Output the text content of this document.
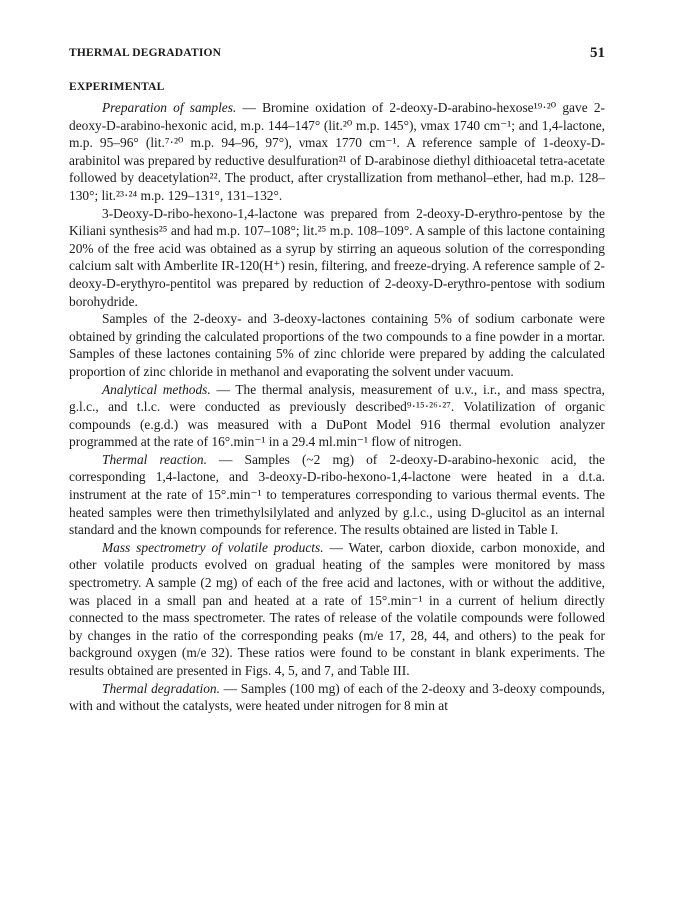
THERMAL DEGRADATION	51
EXPERIMENTAL

Preparation of samples. — Bromine oxidation of 2-deoxy-D-arabino-hexose¹⁹·²⁰ gave 2-deoxy-D-arabino-hexonic acid, m.p. 144–147° (lit.²⁰ m.p. 145°), νmax 1740 cm⁻¹; and 1,4-lactone, m.p. 95–96° (lit.⁷·²⁰ m.p. 94–96, 97°), νmax 1770 cm⁻¹. A reference sample of 1-deoxy-D-arabinitol was prepared by reductive desulfuration²¹ of D-arabinose diethyl dithioacetal tetra-acetate followed by deacetylation²². The product, after crystallization from methanol–ether, had m.p. 128–130°; lit.²³·²⁴ m.p. 129–131°, 131–132°.

3-Deoxy-D-ribo-hexono-1,4-lactone was prepared from 2-deoxy-D-erythro-pentose by the Kiliani synthesis²⁵ and had m.p. 107–108°; lit.²⁵ m.p. 108–109°. A sample of this lactone containing 20% of the free acid was obtained as a syrup by stirring an aqueous solution of the corresponding calcium salt with Amberlite IR-120(H⁺) resin, filtering, and freeze-drying. A reference sample of 2-deoxy-D-erythyro-pentitol was prepared by reduction of 2-deoxy-D-erythro-pentose with sodium borohydride.

Samples of the 2-deoxy- and 3-deoxy-lactones containing 5% of sodium carbonate were obtained by grinding the calculated proportions of the two compounds to a fine powder in a mortar. Samples of these lactones containing 5% of zinc chloride were prepared by adding the calculated proportion of zinc chloride in methanol and evaporating the solvent under vacuum.

Analytical methods. — The thermal analysis, measurement of u.v., i.r., and mass spectra, g.l.c., and t.l.c. were conducted as previously described⁹·¹⁵·²⁶·²⁷. Volatilization of organic compounds (e.g.d.) was measured with a DuPont Model 916 thermal evolution analyzer programmed at the rate of 16°.min⁻¹ in a 29.4 ml.min⁻¹ flow of nitrogen.

Thermal reaction. — Samples (~2 mg) of 2-deoxy-D-arabino-hexonic acid, the corresponding 1,4-lactone, and 3-deoxy-D-ribo-hexono-1,4-lactone were heated in a d.t.a. instrument at the rate of 15°.min⁻¹ to temperatures corresponding to various thermal events. The heated samples were then trimethylsilylated and anlyzed by g.l.c., using D-glucitol as an internal standard and the known compounds for reference. The results obtained are listed in Table I.

Mass spectrometry of volatile products. — Water, carbon dioxide, carbon monoxide, and other volatile products evolved on gradual heating of the samples were monitored by mass spectrometry. A sample (2 mg) of each of the free acid and lactones, with or without the additive, was placed in a small pan and heated at a rate of 15°.min⁻¹ in a current of helium directly connected to the mass spectrometer. The rates of release of the volatile compounds were followed by changes in the ratio of the corresponding peaks (m/e 17, 28, 44, and others) to the peak for background oxygen (m/e 32). These ratios were found to be constant in blank experiments. The results obtained are presented in Figs. 4, 5, and 7, and Table III.

Thermal degradation. — Samples (100 mg) of each of the 2-deoxy and 3-deoxy compounds, with and without the catalysts, were heated under nitrogen for 8 min at
